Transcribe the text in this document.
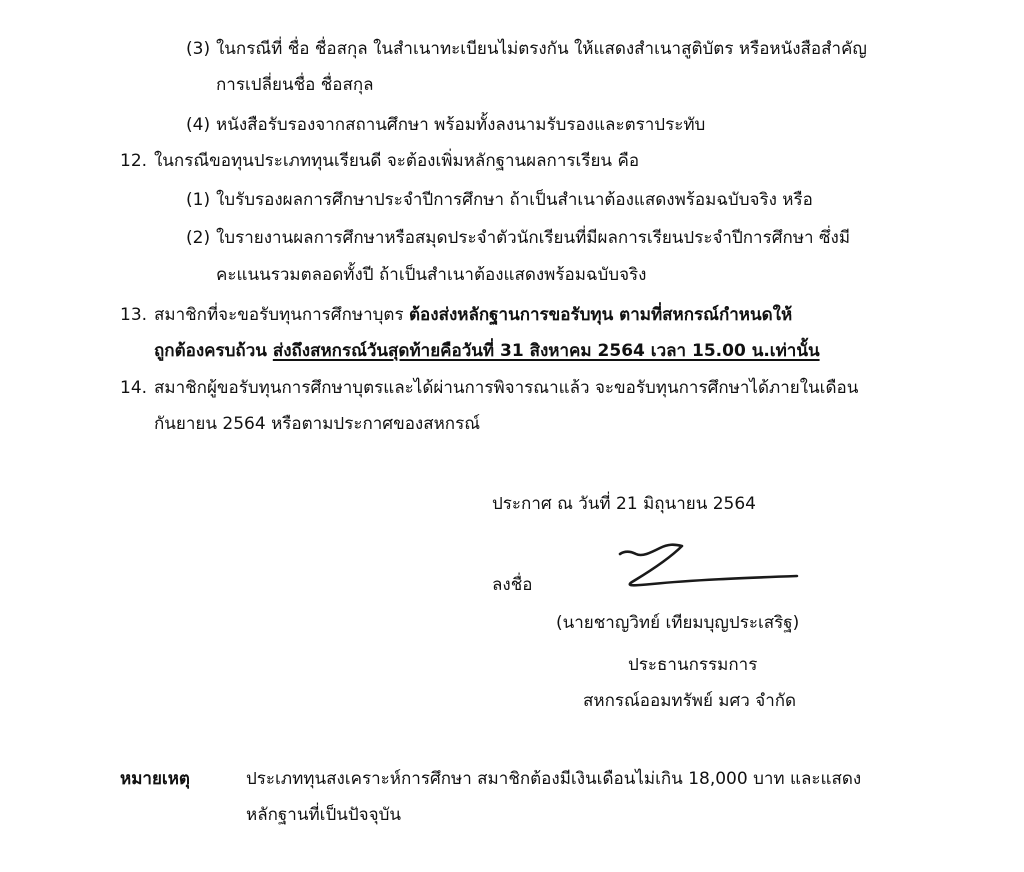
(3) ในกรณีที่ ชื่อ ชื่อสกุล ในสำเนาทะเบียนไม่ตรงกัน ให้แสดงสำเนาสูติบัตร หรือหนังสือสำคัญ
การเปลี่ยนชื่อ ชื่อสกุล
(4) หนังสือรับรองจากสถานศึกษา พร้อมทั้งลงนามรับรองและตราประทับ
12. ในกรณีขอทุนประเภททุนเรียนดี จะต้องเพิ่มหลักฐานผลการเรียน คือ
(1) ใบรับรองผลการศึกษาประจำปีการศึกษา ถ้าเป็นสำเนาต้องแสดงพร้อมฉบับจริง หรือ
(2) ใบรายงานผลการศึกษาหรือสมุดประจำตัวนักเรียนที่มีผลการเรียนประจำปีการศึกษา ซึ่งมี
คะแนนรวมตลอดทั้งปี ถ้าเป็นสำเนาต้องแสดงพร้อมฉบับจริง
13. สมาชิกที่จะขอรับทุนการศึกษาบุตร ต้องส่งหลักฐานการขอรับทุน ตามที่สหกรณ์กำหนดให้
ถูกต้องครบถ้วน ส่งถึงสหกรณ์วันสุดท้ายคือวันที่ 31 สิงหาคม 2564 เวลา 15.00 น.เท่านั้น
14. สมาชิกผู้ขอรับทุนการศึกษาบุตรและได้ผ่านการพิจารณาแล้ว จะขอรับทุนการศึกษาได้ภายในเดือน
กันยายน 2564 หรือตามประกาศของสหกรณ์
ประกาศ ณ วันที่ 21 มิถุนายน 2564
ลงชื่อ
(นายชาญวิทย์ เทียมบุญประเสริฐ)
ประธานกรรมการ
สหกรณ์ออมทรัพย์ มศว จำกัด
หมายเหตุ	ประเภททุนสงเคราะห์การศึกษา สมาชิกต้องมีเงินเดือนไม่เกิน 18,000 บาท และแสดง
หลักฐานที่เป็นปัจจุบัน
